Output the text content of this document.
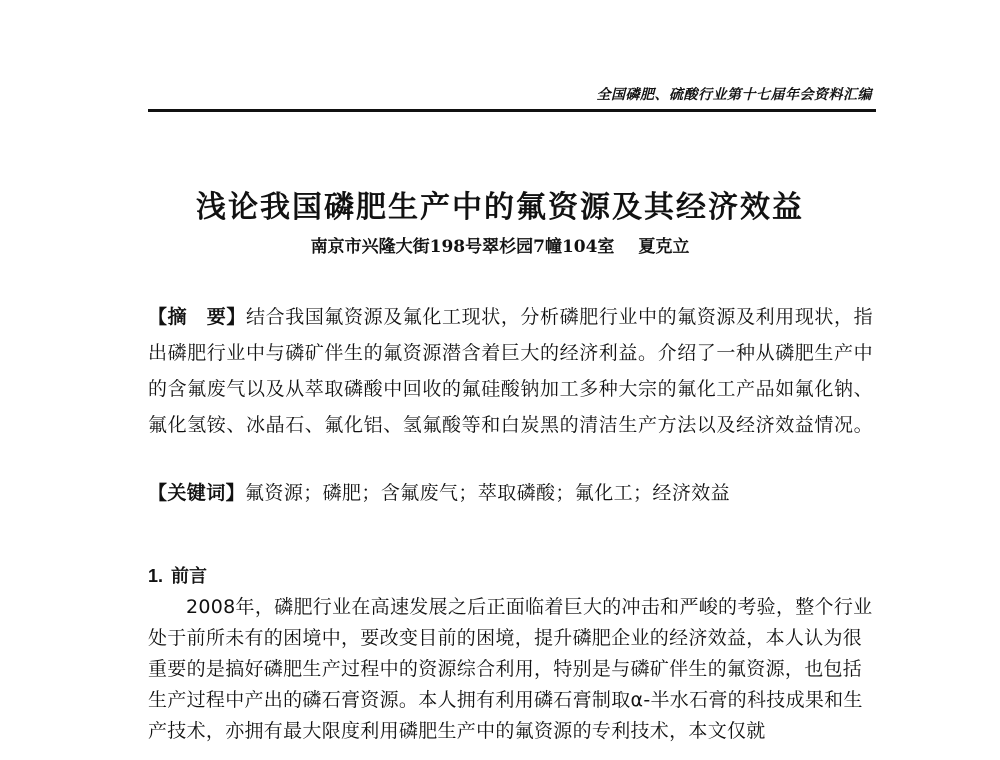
全国磷肥、硫酸行业第十七届年会资料汇编
浅论我国磷肥生产中的氟资源及其经济效益
南京市兴隆大街198号翠杉园7幢104室 夏克立

【摘　要】结合我国氟资源及氟化工现状，分析磷肥行业中的氟资源及利用现状，指出磷肥行业中与磷矿伴生的氟资源潜含着巨大的经济利益。介绍了一种从磷肥生产中的含氟废气以及从萃取磷酸中回收的氟硅酸钠加工多种大宗的氟化工产品如氟化钠、氟化氢铵、冰晶石、氟化铝、氢氟酸等和白炭黑的清洁生产方法以及经济效益情况。

【关键词】氟资源；磷肥；含氟废气；萃取磷酸；氟化工；经济效益

1. 前言

2008年，磷肥行业在高速发展之后正面临着巨大的冲击和严峻的考验，整个行业处于前所未有的困境中，要改变目前的困境，提升磷肥企业的经济效益，本人认为很重要的是搞好磷肥生产过程中的资源综合利用，特别是与磷矿伴生的氟资源，也包括生产过程中产出的磷石膏资源。本人拥有利用磷石膏制取α-半水石膏的科技成果和生产技术，亦拥有最大限度利用磷肥生产中的氟资源的专利技术，本文仅就
